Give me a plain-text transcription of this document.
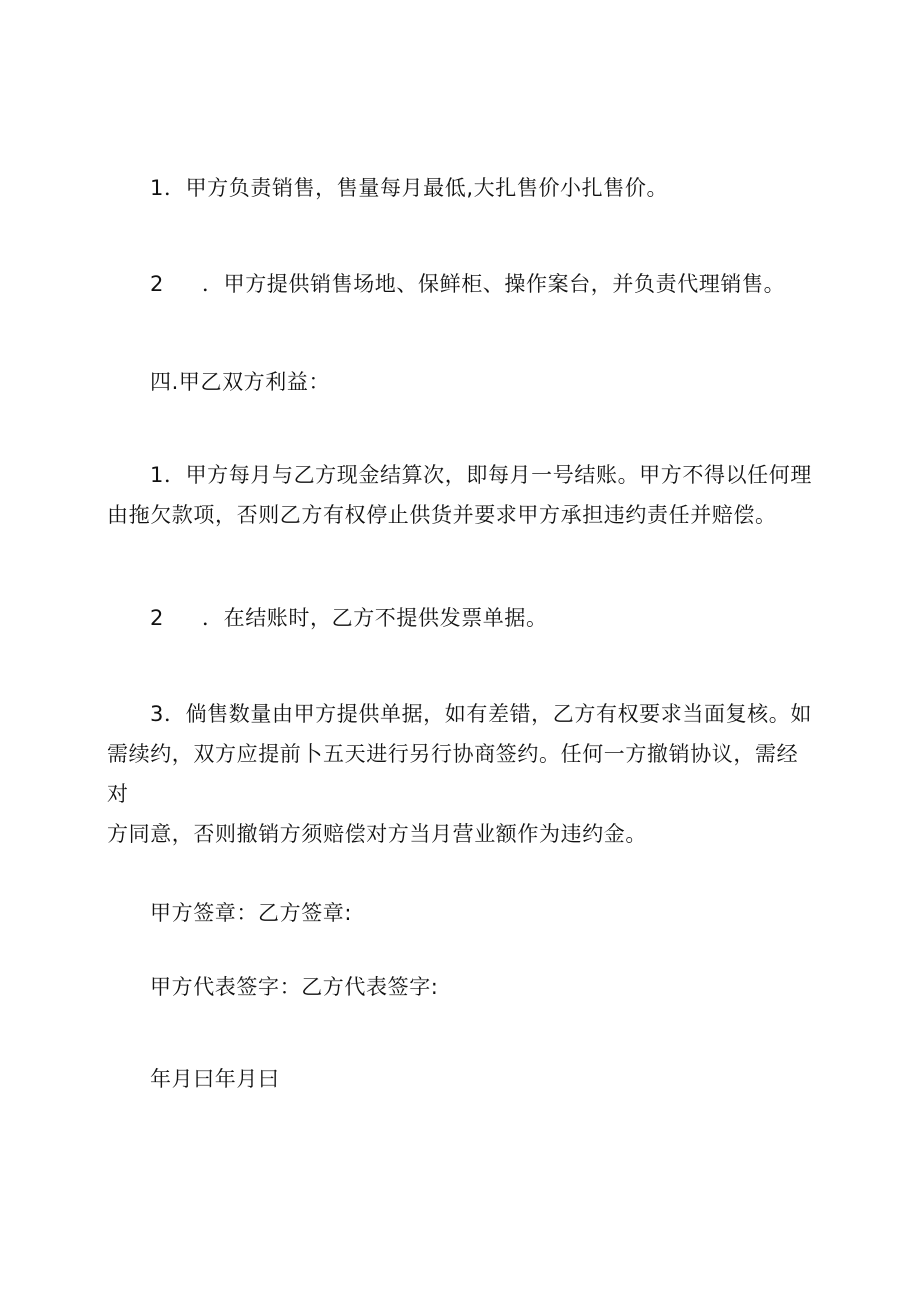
1．甲方负责销售，售量每月最低,大扎售价小扎售价。

2 ．甲方提供销售场地、保鲜柜、操作案台，并负责代理销售。

四.甲乙双方利益：

1．甲方每月与乙方现金结算次，即每月一号结账。甲方不得以任何理
由拖欠款项，否则乙方有权停止供货并要求甲方承担违约责任并赔偿。

2 ．在结账时，乙方不提供发票单据。

3．倘售数量由甲方提供单据，如有差错，乙方有权要求当面复核。如
需续约，双方应提前卜五天进行另行协商签约。任何一方撤销协议，需经对
方同意，否则撤销方须赔偿对方当月营业额作为违约金。

甲方签章：乙方签章:

甲方代表签字：乙方代表签字:

年月曰年月曰
